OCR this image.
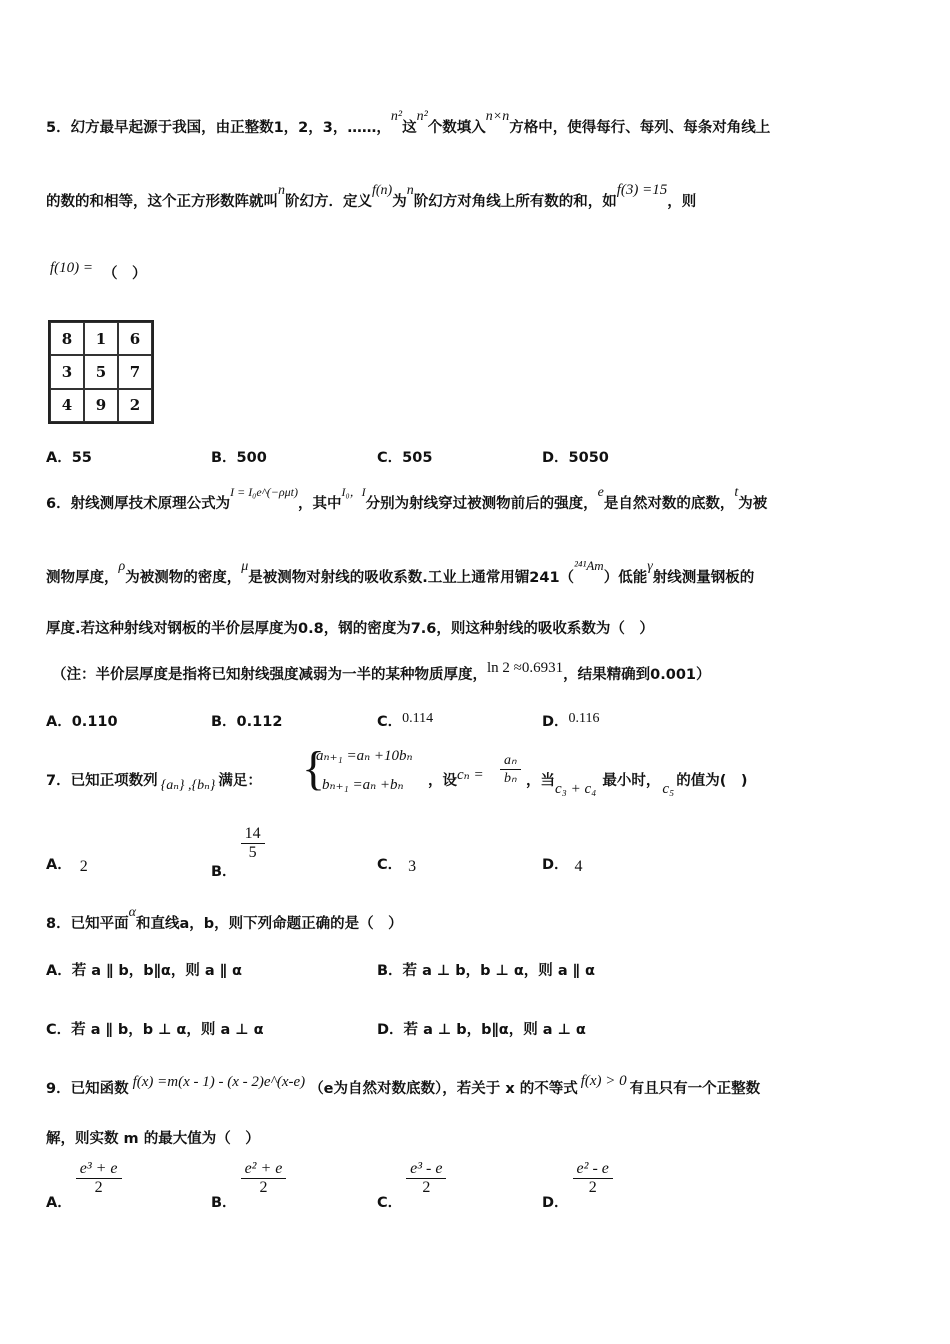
5．幻方最早起源于我国，由正整数1，2，3，……，n²这n²个数填入n×n方格中，使得每行、每列、每条对角线上
的数的和相等，这个正方形数阵就叫n阶幻方．定义f(n)为n阶幻方对角线上所有数的和，如f(3) =15，则
f(10) = （　）
8	1	6
3	5	7
4	9	2
A．55	B．500	C．505	D．5050
6．射线测厚技术原理公式为$^{I = I_0e\^{}(-\rho\mu t)}$，其中$^{I_0,I}$分别为射线穿过被测物前后的强度，e是自然对数的底数，t为被
测物厚度，ρ为被测物的密度，μ是被测物对射线的吸收系数.工业上通常用镅241（²⁴¹Am）低能γ射线测量钢板的
厚度.若这种射线对钢板的半价层厚度为0.8，钢的密度为7.6，则这种射线的吸收系数为（　）
（注：半价层厚度是指将已知射线强度减弱为一半的某种物质厚度，ln 2 ≈0.6931，结果精确到0.001）
A．0.110	B．0.112	C．0.114	D．0.116
7．已知正项数列 {aₙ} ,{bₙ} 满足： {
aₙ₊₁ =aₙ +10bₙ
bₙ₊₁ =aₙ +bₙ ，设$c_n = \frac{\text{aₙ}}{\text{bₙ}}$ ，当c₃ + c₄ 最小时， c₅ 的值为(　)
A． 2	B．
$\frac{14}{5}$
C． 3	D． 4
8．已知平面α和直线a，b，则下列命题正确的是（　）
A．若 a ∥ b，b∥α，则 a ∥ α	B．若 a ⊥ b，b ⊥ α，则 a ∥ α
C．若 a ∥ b，b ⊥ α，则 a ⊥ α	D．若 a ⊥ b，b∥α，则 a ⊥ α
9．已知函数 f(x) =m(x - 1) - (x - 2)e^(x-e) （e为自然对数底数），若关于 x 的不等式 f(x) > 0 有且只有一个正整数
解，则实数 m 的最大值为（　）
A．
$\frac{\text{e³ + e}}{2}$
B．
$\frac{\text{e² + e}}{2}$
C．
$\frac{\text{e³ - e}}{2}$
D．
$\frac{\text{e² - e}}{2}$
